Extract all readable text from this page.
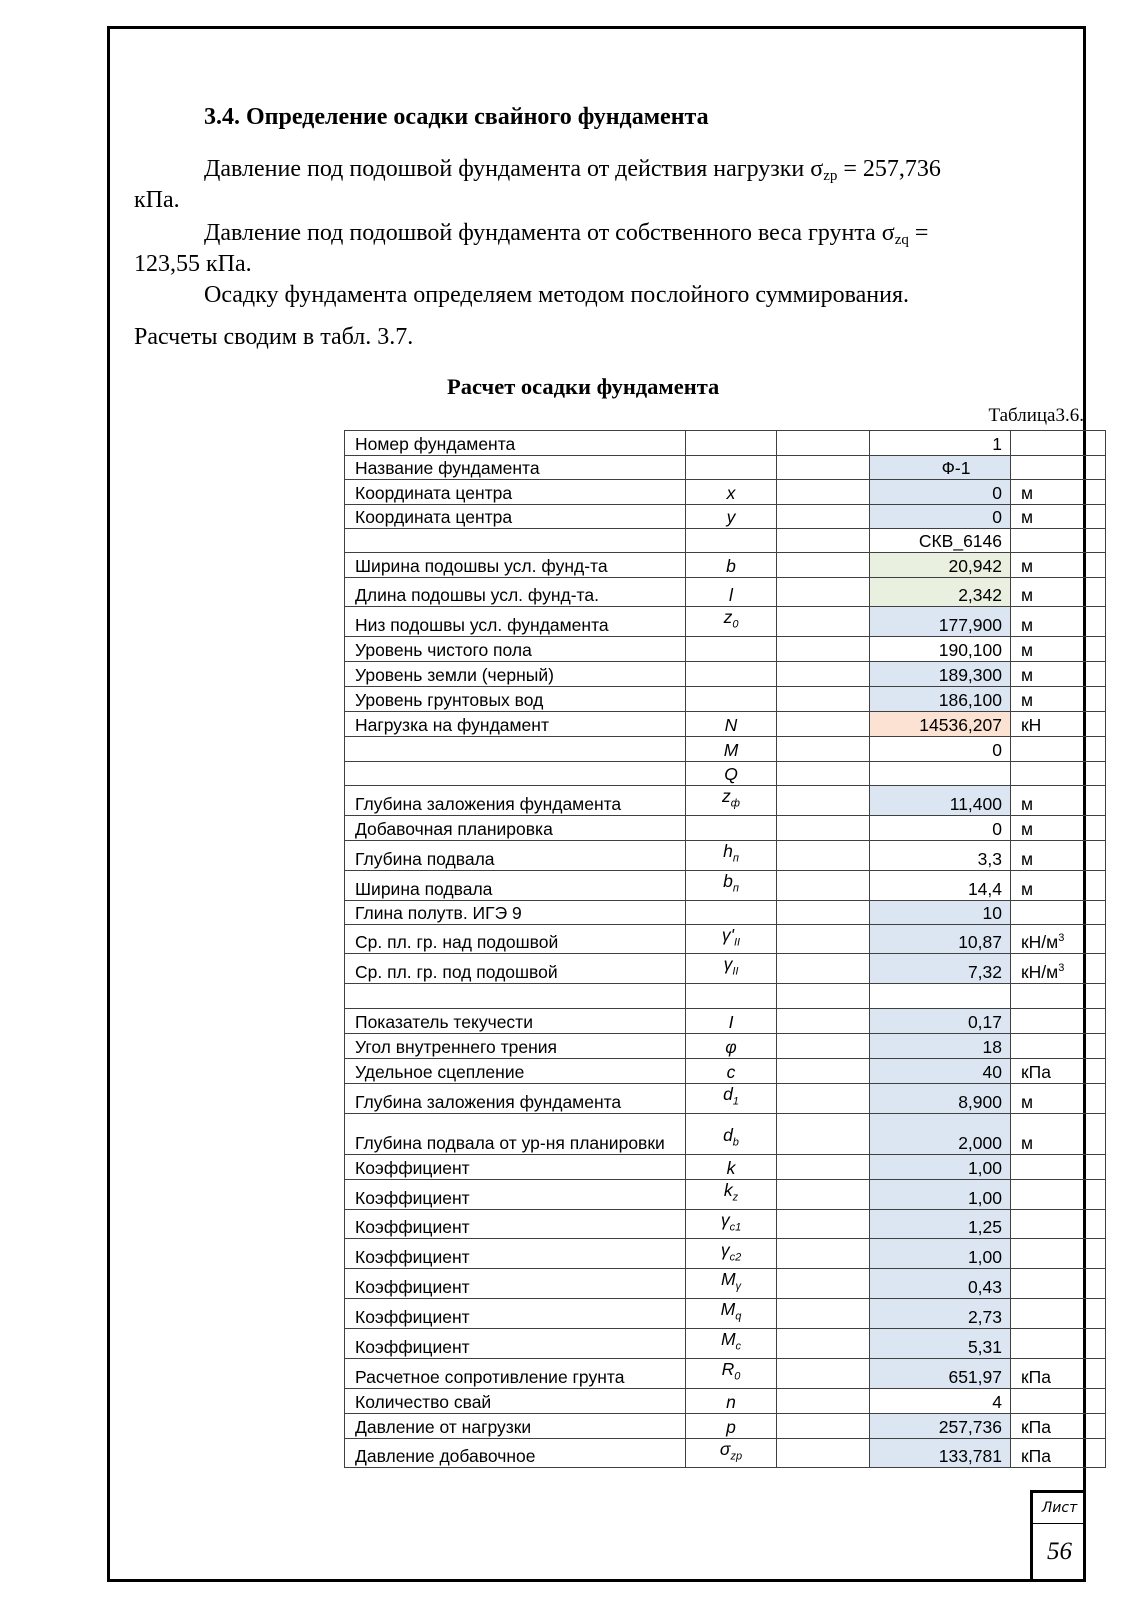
3.4. Определение осадки свайного фундамента
Давление под подошвой фундамента от действия нагрузки $\sigma_{zp} = 257,736$
кПа.
Давление под подошвой фундамента от собственного веса грунта $\sigma_{zq}$ =
123,55 кПа.
Осадку фундамента определяем методом послойного суммирования.
Расчеты сводим в табл. 3.7.
Расчет осадки фундамента
Таблица3.6.
Номер фундамента			1	
Название фундамента			Ф-1	
Координата центра	x		0	м
Координата центра	y		0	м
			СКВ_6146	
Ширина подошвы усл. фунд-та	b		20,942	м
Длина подошвы усл. фунд-та.	l		2,342	м
Низ подошвы усл. фундамента	$z_0$		177,900	м
Уровень чистого пола			190,100	м
Уровень земли (черный)			189,300	м
Уровень грунтовых вод			186,100	м
Нагрузка на фундамент	N		14536,207	кН
	M		0	
	Q			
Глубина заложения фундамента	$z_ф$		11,400	м
Добавочная планировка			0	м
Глубина подвала	$h_п$		3,3	м
Ширина подвала	$b_п$		14,4	м
Глина полутв. ИГЭ 9			10	
Ср. пл. гр. над подошвой	$\gamma'_{II}$		10,87	$кН/м^3$
Ср. пл. гр. под подошвой	$\gamma_{II}$		7,32	$кН/м^3$

Показатель текучести	I		0,17	
Угол внутреннего трения	φ		18	
Удельное сцепление	c		40	кПа
Глубина заложения фундамента	$d_1$		8,900	м
Глубина подвала от ур-ня планировки	$d_b$		2,000	м
Коэффициент	k		1,00	
Коэффициент	$k_z$		1,00	
Коэффициент	$\gamma_{c1}$		1,25	
Коэффициент	$\gamma_{c2}$		1,00	
Коэффициент	$M_\gamma$		0,43	
Коэффициент	$M_q$		2,73	
Коэффициент	$M_c$		5,31	
Расчетное сопротивление грунта	$R_0$		651,97	кПа
Количество свай	n		4	
Давление от нагрузки	p		257,736	кПа
Давление добавочное	$\sigma_{zp}$		133,781	кПа
Лист
56
